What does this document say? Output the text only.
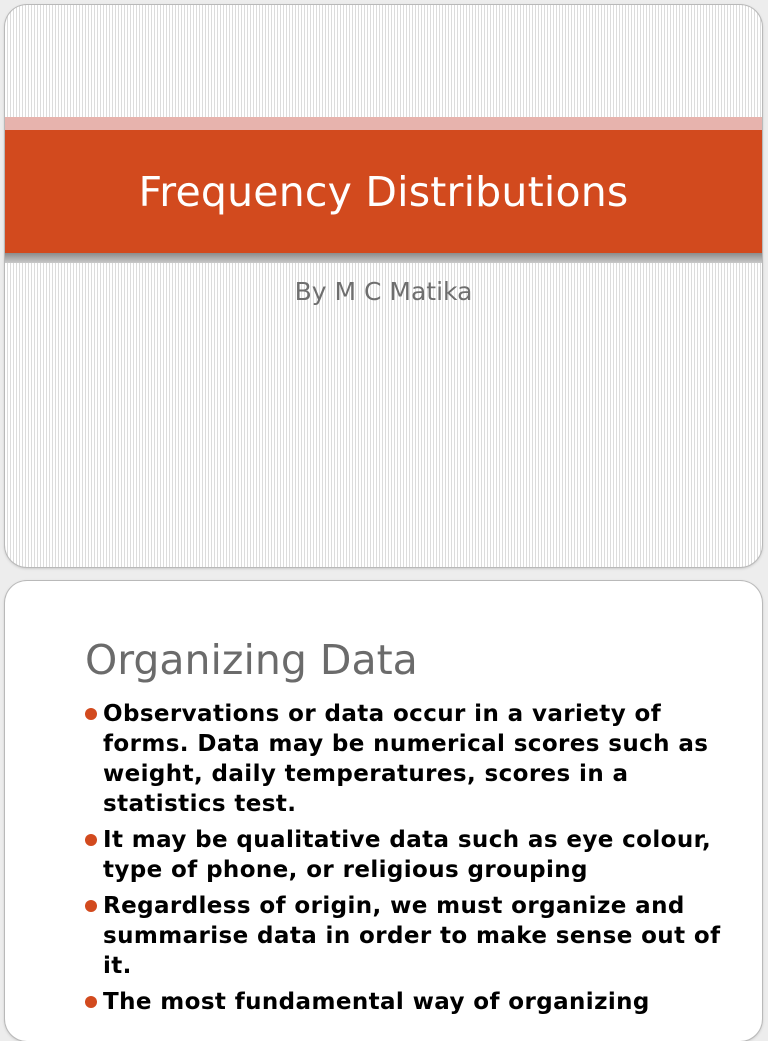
Frequency Distributions
By M C Matika
Organizing Data
Observations or data occur in a variety of forms. Data may be numerical scores such as weight, daily temperatures, scores in a statistics test.
It may be qualitative data such as eye colour, type of phone, or religious grouping
Regardless of origin, we must organize and summarise data in order to make sense out of it.
The most fundamental way of organizing
